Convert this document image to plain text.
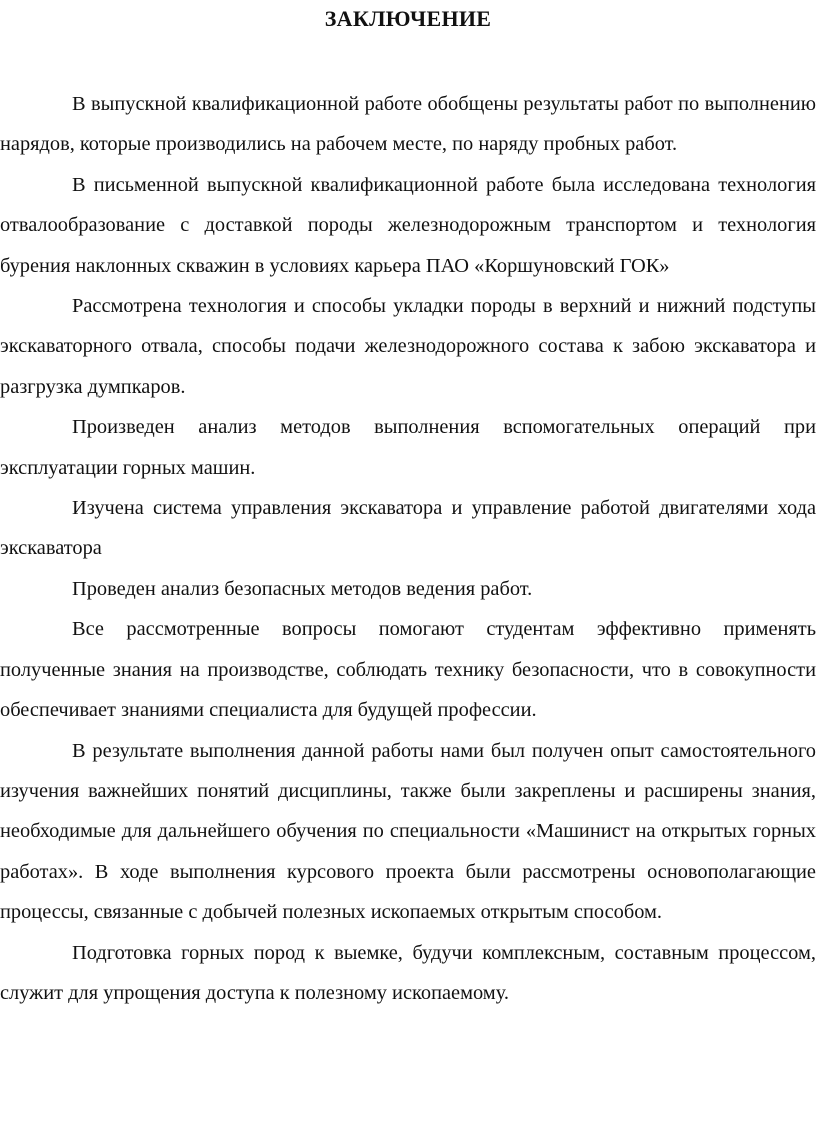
ЗАКЛЮЧЕНИЕ

В выпускной квалификационной работе обобщены результаты работ по выполнению нарядов, которые производились на рабочем месте, по наряду пробных работ.

В письменной выпускной квалификационной работе была исследована технология отвалообразование с доставкой породы железнодорожным транспортом и технология бурения наклонных скважин в условиях карьера ПАО «Коршуновский ГОК»

Рассмотрена технология и способы укладки породы в верхний и нижний подступы экскаваторного отвала, способы подачи железнодорожного состава к забою экскаватора и разгрузка думпкаров.

Произведен анализ методов выполнения вспомогательных операций при эксплуатации горных машин.

Изучена система управления экскаватора и управление работой двигателями хода экскаватора

Проведен анализ безопасных методов ведения работ.

Все рассмотренные вопросы помогают студентам эффективно применять полученные знания на производстве, соблюдать технику безопасности, что в совокупности обеспечивает знаниями специалиста для будущей профессии.

В результате выполнения данной работы нами был получен опыт самостоятельного изучения важнейших понятий дисциплины, также были закреплены и расширены знания, необходимые для дальнейшего обучения по специальности «Машинист на открытых горных работах». В ходе выполнения курсового проекта были рассмотрены основополагающие процессы, связанные с добычей полезных ископаемых открытым способом.

Подготовка горных пород к выемке, будучи комплексным, составным процессом, служит для упрощения доступа к полезному ископаемому.
